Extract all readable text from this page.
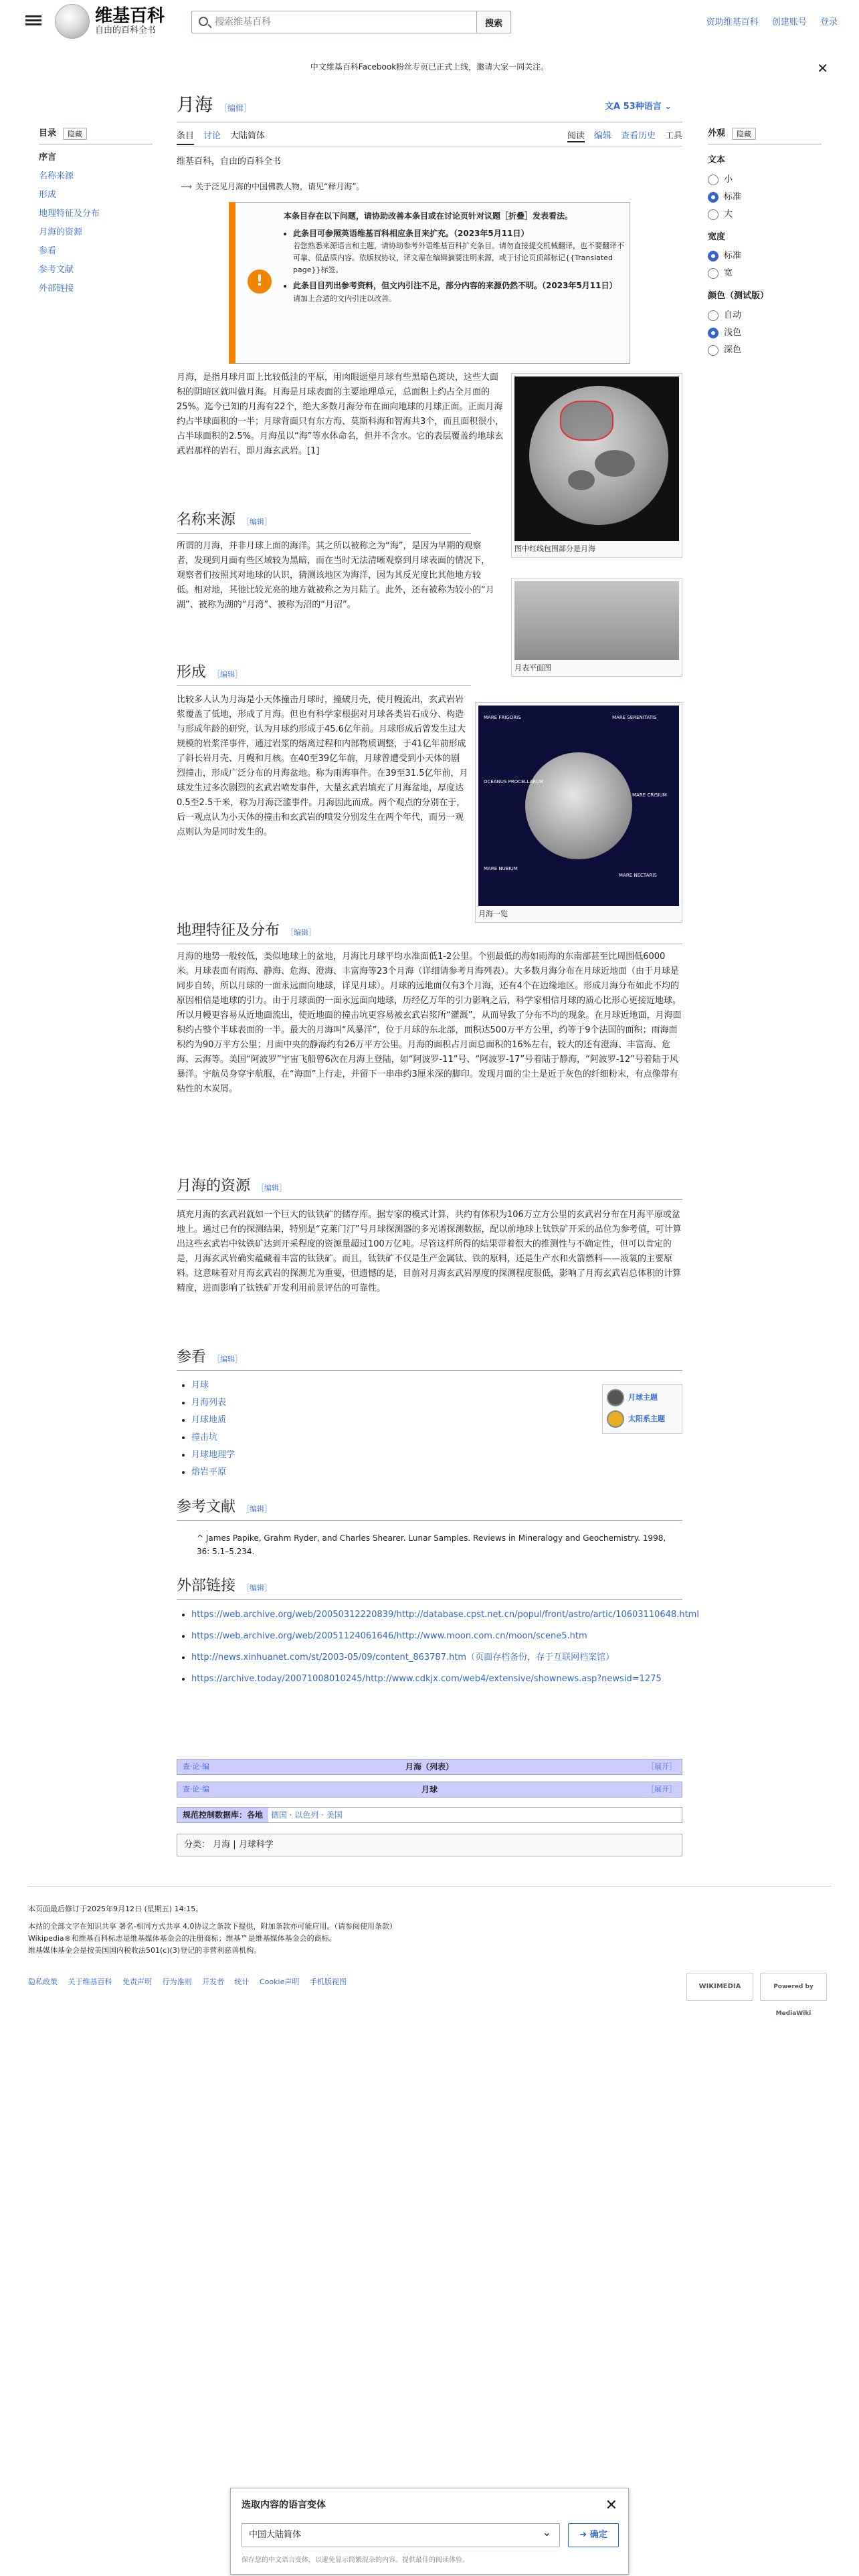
维基百科
自由的百科全书
搜索维基百科
搜索	资助维基百科 创建账号 登录
中文维基百科Facebook粉丝专页已正式上线，邀请大家一同关注。	✕
目录	隐藏
序言
名称来源
形成
地理特征及分布
月海的资源
参看
参考文献
外部链接
外观	隐藏
文本
小
标准
大
宽度
标准
宽
颜色（测试版）
自动
浅色
深色
月海 ［编辑］	文A 53种语言 ⌄
条目 讨论 大陆简体	阅读 编辑 查看历史 工具
维基百科，自由的百科全书
⟿ 关于泛见月海的中国佛教人物，请见“释月海”。
!
本条目存在以下问题，请协助改善本条目或在讨论页针对议题［折叠］发表看法。
• 此条目可参照英语维基百科相应条目来扩充。（2023年5月11日）
若您熟悉来源语言和主题，请协助参考外语维基百科扩充条目。请勿直接提交机械翻译，也不要翻译不可靠、低品质内容。依版权协议，译文需在编辑摘要注明来源，或于讨论页顶部标记{{Translated page}}标签。
• 此条目目列出参考资料，但文内引注不足，部分内容的来源仍然不明。（2023年5月11日）
请加上合适的文内引注以改善。
月海，是指月球月面上比较低洼的平原，用肉眼遥望月球有些黑暗色斑块，这些大面积的阴暗区就叫做月海。月海是月球表面的主要地理单元，总面积上约占全月面的25%。迄今已知的月海有22个，绝大多数月海分布在面向地球的月球正面。正面月海约占半球面积的一半；月球背面只有东方海、莫斯科海和智海共3个，而且面积很小，占半球面积的2.5%。月海虽以“海”等水体命名，但并不含水。它的表层覆盖约地球玄武岩那样的岩石，即月海玄武岩。[1]
图中红线包围部分是月海
月表平面图
名称来源 ［编辑］
所谓的月海，并非月球上面的海洋。其之所以被称之为“海”，是因为早期的观察者，发现到月面有些区域较为黑暗，而在当时无法清晰观察到月球表面的情况下，观察者们按照其对地球的认识，猜测该地区为海洋，因为其反光度比其他地方较低。相对地，其他比较光亮的地方就被称之为月陆了。此外，还有被称为较小的“月湖”、被称为湖的“月湾”、被称为沼的“月沼”。
形成 ［编辑］
比较多人认为月海是小天体撞击月球时，撞破月壳，使月幔流出，玄武岩岩浆覆盖了低地，形成了月海。但也有科学家根据对月球各类岩石成分、构造与形成年龄的研究，认为月球约形成于45.6亿年前。月球形成后曾发生过大规模的岩浆洋事件，通过岩浆的熔离过程和内部物质调整，于41亿年前形成了斜长岩月壳、月幔和月核。在40至39亿年前，月球曾遭受到小天体的剧烈撞击，形成广泛分布的月海盆地。称为雨海事件。在39至31.5亿年前，月球发生过多次剧烈的玄武岩喷发事件，大量玄武岩填充了月海盆地，厚度达0.5至2.5千米，称为月海泛滥事件。月海因此而成。两个观点的分别在于，后一观点认为小天体的撞击和玄武岩的喷发分别发生在两个年代，而另一观点则认为是同时发生的。
MARE FRIGORIS	MARE SERENITATIS
OCEANUS PROCELLARUM
MARE CRISIUM
MARE NUBIUM
MARE NECTARIS
月海一览
地理特征及分布 ［编辑］
月海的地势一般较低，类似地球上的盆地，月海比月球平均水准面低1-2公里。个别最低的海如雨海的东南部甚至比周围低6000米。月球表面有雨海、静海、危海、澄海、丰富海等23个月海（详细请参考月海列表）。大多数月海分布在月球近地面（由于月球是同步自转，所以月球的一面永远面向地球，详见月球）。月球的远地面仅有3个月海，还有4个在边缘地区。形成月海分布如此不均的原因相信是地球的引力。由于月球面的一面永远面向地球，历经亿万年的引力影响之后，科学家相信月球的质心比形心更接近地球。所以月幔更容易从近地面流出，使近地面的撞击坑更容易被玄武岩浆所“灌溉”，从而导致了分布不均的现象。在月球近地面，月海面积约占整个半球表面的一半。最大的月海叫“风暴洋”，位于月球的东北部，面积达500万平方公里，约等于9个法国的面积；雨海面积约为90万平方公里；月面中央的静海约有26万平方公里。月海的面积占月面总面积的16%左右，较大的还有澄海、丰富海、危海、云海等。美国“阿波罗”宇宙飞船曾6次在月海上登陆，如“阿波罗-11”号、“阿波罗-17”号着陆于静海，“阿波罗-12”号着陆于风暴洋。宇航员身穿宇航服，在“海面”上行走，并留下一串串约3厘米深的脚印。发现月面的尘土是近于灰色的纤细粉末，有点像带有粘性的木炭屑。
月海的资源 ［编辑］
填充月海的玄武岩就如一个巨大的钛铁矿的储存库。据专家的模式计算，共约有体积为106万立方公里的玄武岩分布在月海平原或盆地上。通过已有的探测结果，特别是“克莱门汀”号月球探测器的多光谱探测数据，配以前地球上钛铁矿开采的品位为参考值，可计算出这些玄武岩中钛铁矿达到开采程度的资源量超过100万亿吨。尽管这样所得的结果带着很大的推测性与不确定性，但可以肯定的是，月海玄武岩确实蕴藏着丰富的钛铁矿。而且，钛铁矿不仅是生产金属钛、铁的原料，还是生产水和火箭燃料——液氧的主要原料。这意味着对月海玄武岩的探测尤为重要，但遗憾的是，目前对月海玄武岩厚度的探测程度很低，影响了月海玄武岩总体积的计算精度，进而影响了钛铁矿开发利用前景评估的可靠性。
参看 ［编辑］
• 月球
• 月海列表
• 月球地质
• 撞击坑
• 月球地理学
• 熔岩平原
月球主题
太阳系主题
参考文献 ［编辑］
^ James Papike, Grahm Ryder, and Charles Shearer. Lunar Samples. Reviews in Mineralogy and Geochemistry. 1998, 36: 5.1–5.234.
外部链接 ［编辑］
• https://web.archive.org/web/20050312220839/http://database.cpst.net.cn/popul/front/astro/artic/10603110648.html
• https://web.archive.org/web/20051124061646/http://www.moon.com.cn/moon/scene5.htm
• http://news.xinhuanet.com/st/2003-05/09/content_863787.htm（页面存档备份，存于互联网档案馆）
• https://archive.today/20071008010245/http://www.cdkjx.com/web4/extensive/shownews.asp?newsid=1275
查·论·编	月海（列表）	［展开］
查·论·编	月球	［展开］
规范控制数据库：各地 德国 · 以色列 · 美国
分类： 月海 | 月球科学
本页面最后修订于2025年9月12日 (星期五) 14:15。
本站的全部文字在知识共享 署名-相同方式共享 4.0协议之条款下提供，附加条款亦可能应用。（请参阅使用条款）
Wikipedia®和维基百科标志是维基媒体基金会的注册商标；维基™是维基媒体基金会的商标。
维基媒体基金会是按美国国内税收法501(c)(3)登记的非营利慈善机构。
隐私政策 关于维基百科 免责声明 行为准则 开发者 统计 Cookie声明 手机版视图
WIKIMEDIA	Powered by MediaWiki
选取内容的语言变体	✕
中国大陆简体 ⌄	➜ 确定
保存您的中文语言变体，以避免显示简繁混杂的内容。提供最佳的阅读体验。
